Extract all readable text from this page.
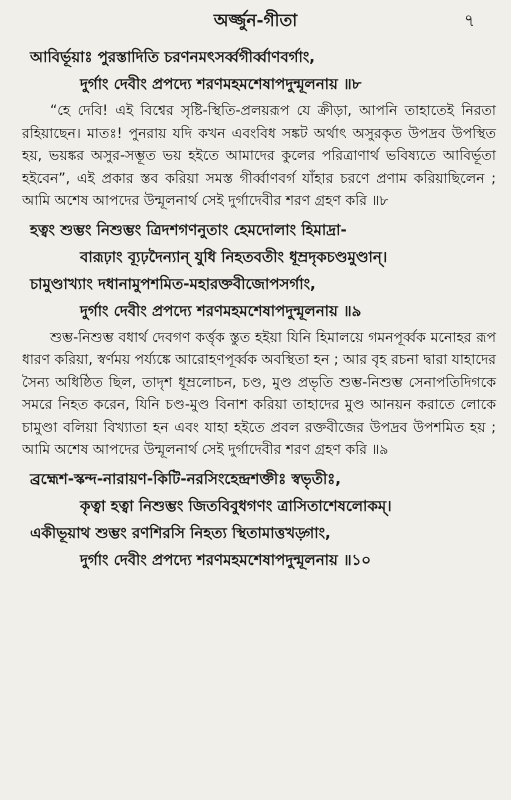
অৰ্জ্জুন-গীতা	৭
আবির্ভূয়াঃ পুরস্তাদিতি চরণনমৎসর্ব্বগীর্ব্বাণবর্গাং,
দুর্গাং দেবীং প্রপদ্যে শরণমহমশেষাপদুন্মূলনায় ॥৮

“হে দেবি! এই বিশ্বের সৃষ্টি-স্থিতি-প্রলয়রূপ যে ক্রীড়া, আপনি তাহাতেই নিরতা রহিয়াছেন। মাতঃ! পুনরায় যদি কখন এবংবিধ সঙ্কট অর্থাৎ অসুরকৃত উপদ্রব উপস্থিত হয়, ভয়ঙ্কর অসুর-সম্ভূত ভয় হইতে আমাদের কুলের পরিত্রাণার্থ ভবিষ্যতে আবির্ভূতা হইবেন”, এই প্রকার স্তব করিয়া সমস্ত গীর্ব্বাণবর্গ যাঁহার চরণে প্রণাম করিয়াছিলেন ; আমি অশেষ আপদের উন্মূলনার্থ সেই দুর্গাদেবীর শরণ গ্রহণ করি ॥৮

হত্বং শুম্ভং নিশুম্ভং ত্রিদশগণনুতাং হেমদোলাং হিমাদ্রা-
বারূঢ়াং ব্যূঢ়দৈন্যান্ যুধি নিহতবতীং ধূম্রদৃকচণ্ডমুণ্ডান্।
চামুণ্ডাখ্যাং দধানামুপশমিত-মহারক্তবীজোপসর্গাং,
দুর্গাং দেবীং প্রপদ্যে শরণমহমশেষাপদুন্মূলনায় ॥৯

শুম্ভ-নিশুম্ভ বধার্থ দেবগণ কর্ত্তৃক স্তুত হইয়া যিনি হিমালয়ে গমনপূর্ব্বক মনোহর রূপ ধারণ করিয়া, স্বর্ণময় পর্য্যঙ্কে আরোহণপূর্ব্বক অবস্থিতা হন ; আর বৃহ রচনা দ্বারা যাহাদের সৈন্য অধিষ্ঠিত ছিল, তাদৃশ ধূম্রলোচন, চণ্ড, মুণ্ড প্রভৃতি শুম্ভ-নিশুম্ভ সেনাপতিদিগকে সমরে নিহত করেন, যিনি চণ্ড-মুণ্ড বিনাশ করিয়া তাহাদের মুণ্ড আনয়ন করাতে লোকে চামুণ্ডা বলিয়া বিখ্যাতা হন এবং যাহা হইতে প্রবল রক্তবীজের উপদ্রব উপশমিত হয় ; আমি অশেষ আপদের উন্মূলনার্থ সেই দুর্গাদেবীর শরণ গ্রহণ করি ॥৯

ব্রহ্মেশ-স্কন্দ-নারায়ণ-কিটি-নরসিংহেন্দ্রশক্তীঃ স্বভৃতীঃ,
কৃত্বা হত্বা নিশুম্ভং জিতবিবুধগণং ত্রাসিতাশেষলোকম্।
একীভূয়াথ শুম্ভং রণশিরসি নিহত্য স্থিতামাত্তখড়্গাং,
দুর্গাং দেবীং প্রপদ্যে শরণমহমশেষাপদুন্মূলনায় ॥১০
